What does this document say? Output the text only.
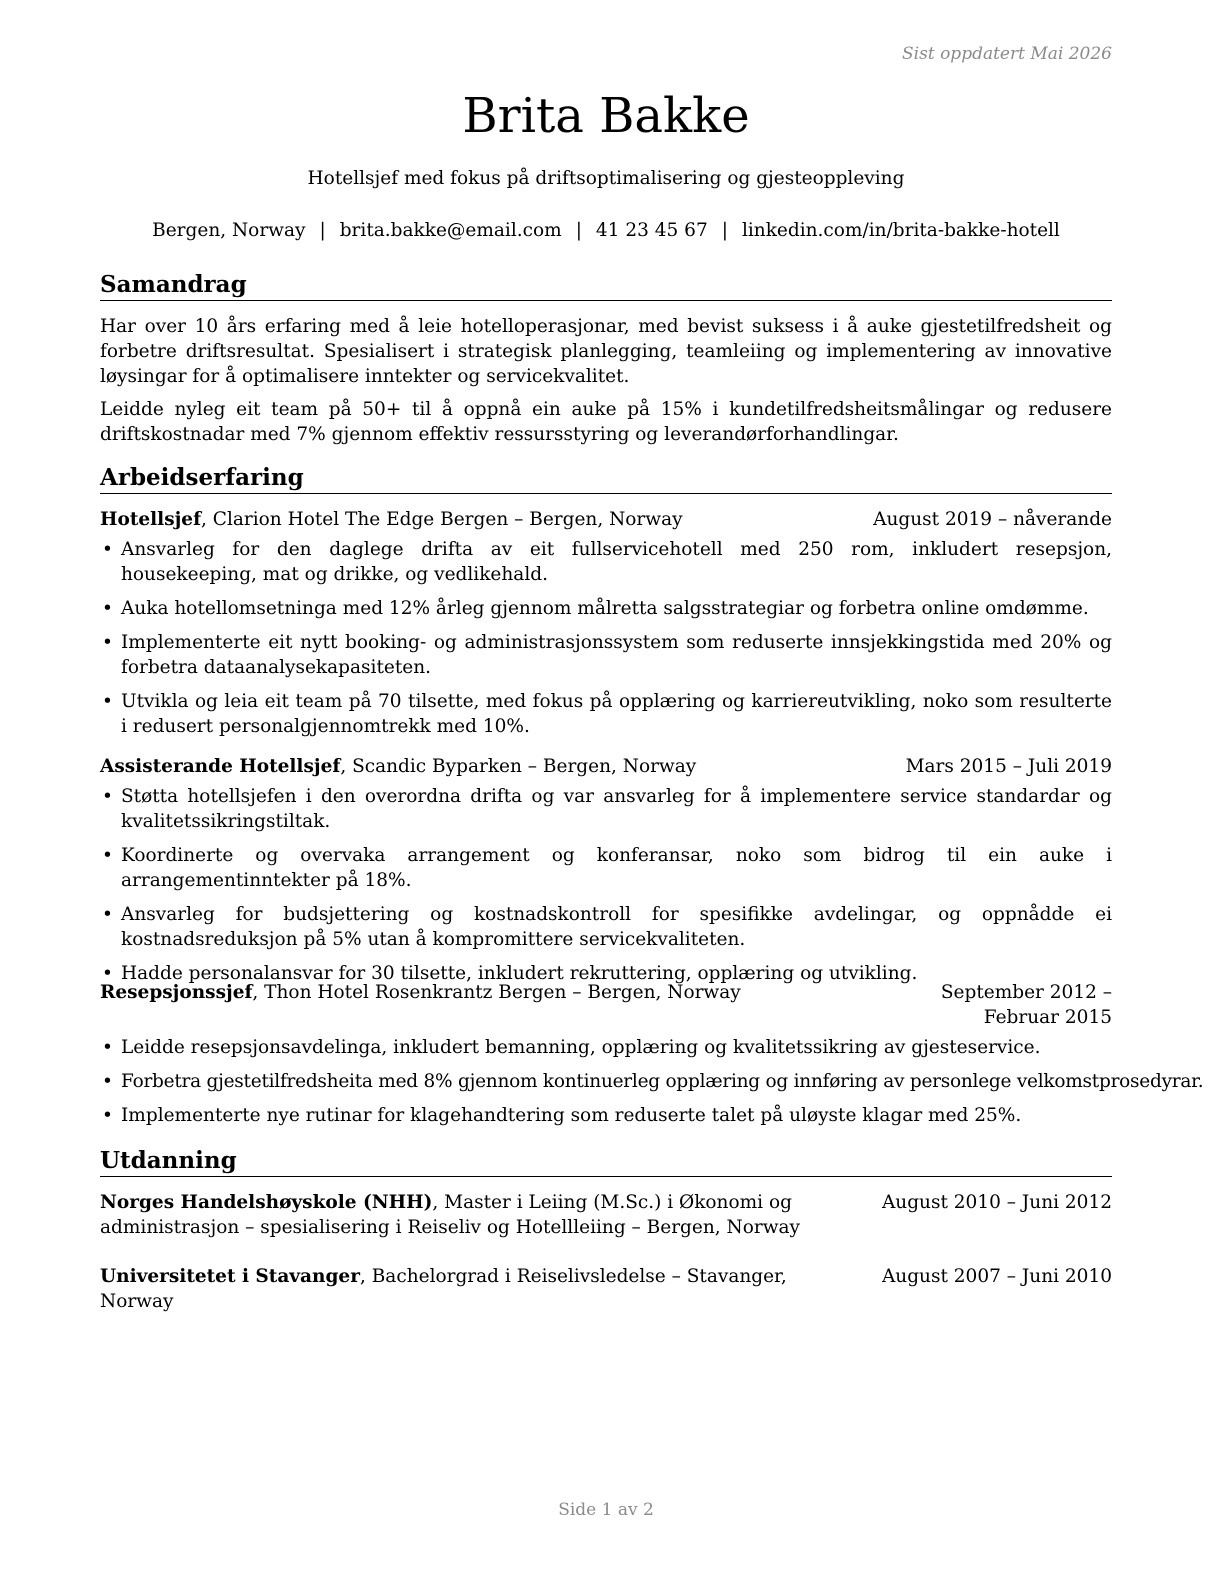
Sist oppdatert Mai 2026
Brita Bakke
Hotellsjef med fokus på driftsoptimalisering og gjesteoppleving
Bergen, Norway | brita.bakke@email.com | 41 23 45 67 | linkedin.com/in/brita-bakke-hotell
Samandrag

Har over 10 års erfaring med å leie hotelloperasjonar, med bevist suksess i å auke gjestetilfredsheit og forbetre driftsresultat. Spesialisert i strategisk planlegging, teamleiing og implementering av innovative løysingar for å optimalisere inntekter og servicekvalitet.

Leidde nyleg eit team på 50+ til å oppnå ein auke på 15% i kundetilfredsheitsmålingar og redusere driftskostnadar med 7% gjennom effektiv ressursstyring og leverandørforhandlingar.

Arbeidserfaring
Hotellsjef, Clarion Hotel The Edge Bergen – Bergen, Norway	August 2019 – nåverande
• Ansvarleg for den daglege drifta av eit fullservicehotell med 250 rom, inkludert resepsjon, housekeeping, mat og drikke, og vedlikehald.
• Auka hotellomsetninga med 12% årleg gjennom målretta salgsstrategiar og forbetra online omdømme.
• Implementerte eit nytt booking- og administrasjonssystem som reduserte innsjekkingstida med 20% og forbetra dataanalysekapasiteten.
• Utvikla og leia eit team på 70 tilsette, med fokus på opplæring og karriereutvikling, noko som resulterte i redusert personalgjennomtrekk med 10%.
Assisterande Hotellsjef, Scandic Byparken – Bergen, Norway	Mars 2015 – Juli 2019
• Støtta hotellsjefen i den overordna drifta og var ansvarleg for å implementere service standardar og kvalitetssikringstiltak.
• Koordinerte og overvaka arrangement og konferansar, noko som bidrog til ein auke i arrangementinntekter på 18%.
• Ansvarleg for budsjettering og kostnadskontroll for spesifikke avdelingar, og oppnådde ei kostnadsreduksjon på 5% utan å kompromittere servicekvaliteten.
• Hadde personalansvar for 30 tilsette, inkludert rekruttering, opplæring og utvikling.
Resepsjonssjef, Thon Hotel Rosenkrantz Bergen – Bergen, Norway	September 2012 – Februar 2015
• Leidde resepsjonsavdelinga, inkludert bemanning, opplæring og kvalitetssikring av gjesteservice.
• Forbetra gjestetilfredsheita med 8% gjennom kontinuerleg opplæring og innføring av personlege velkomstprosedyrar.
• Implementerte nye rutinar for klagehandtering som reduserte talet på uløyste klagar med 25%.
Utdanning
Norges Handelshøyskole (NHH), Master i Leiing (M.Sc.) i Økonomi og administrasjon – spesialisering i Reiseliv og Hotellleiing – Bergen, Norway
August 2010 – Juni 2012
Universitetet i Stavanger, Bachelorgrad i Reiselivsledelse – Stavanger, Norway
August 2007 – Juni 2010
Side 1 av 2
